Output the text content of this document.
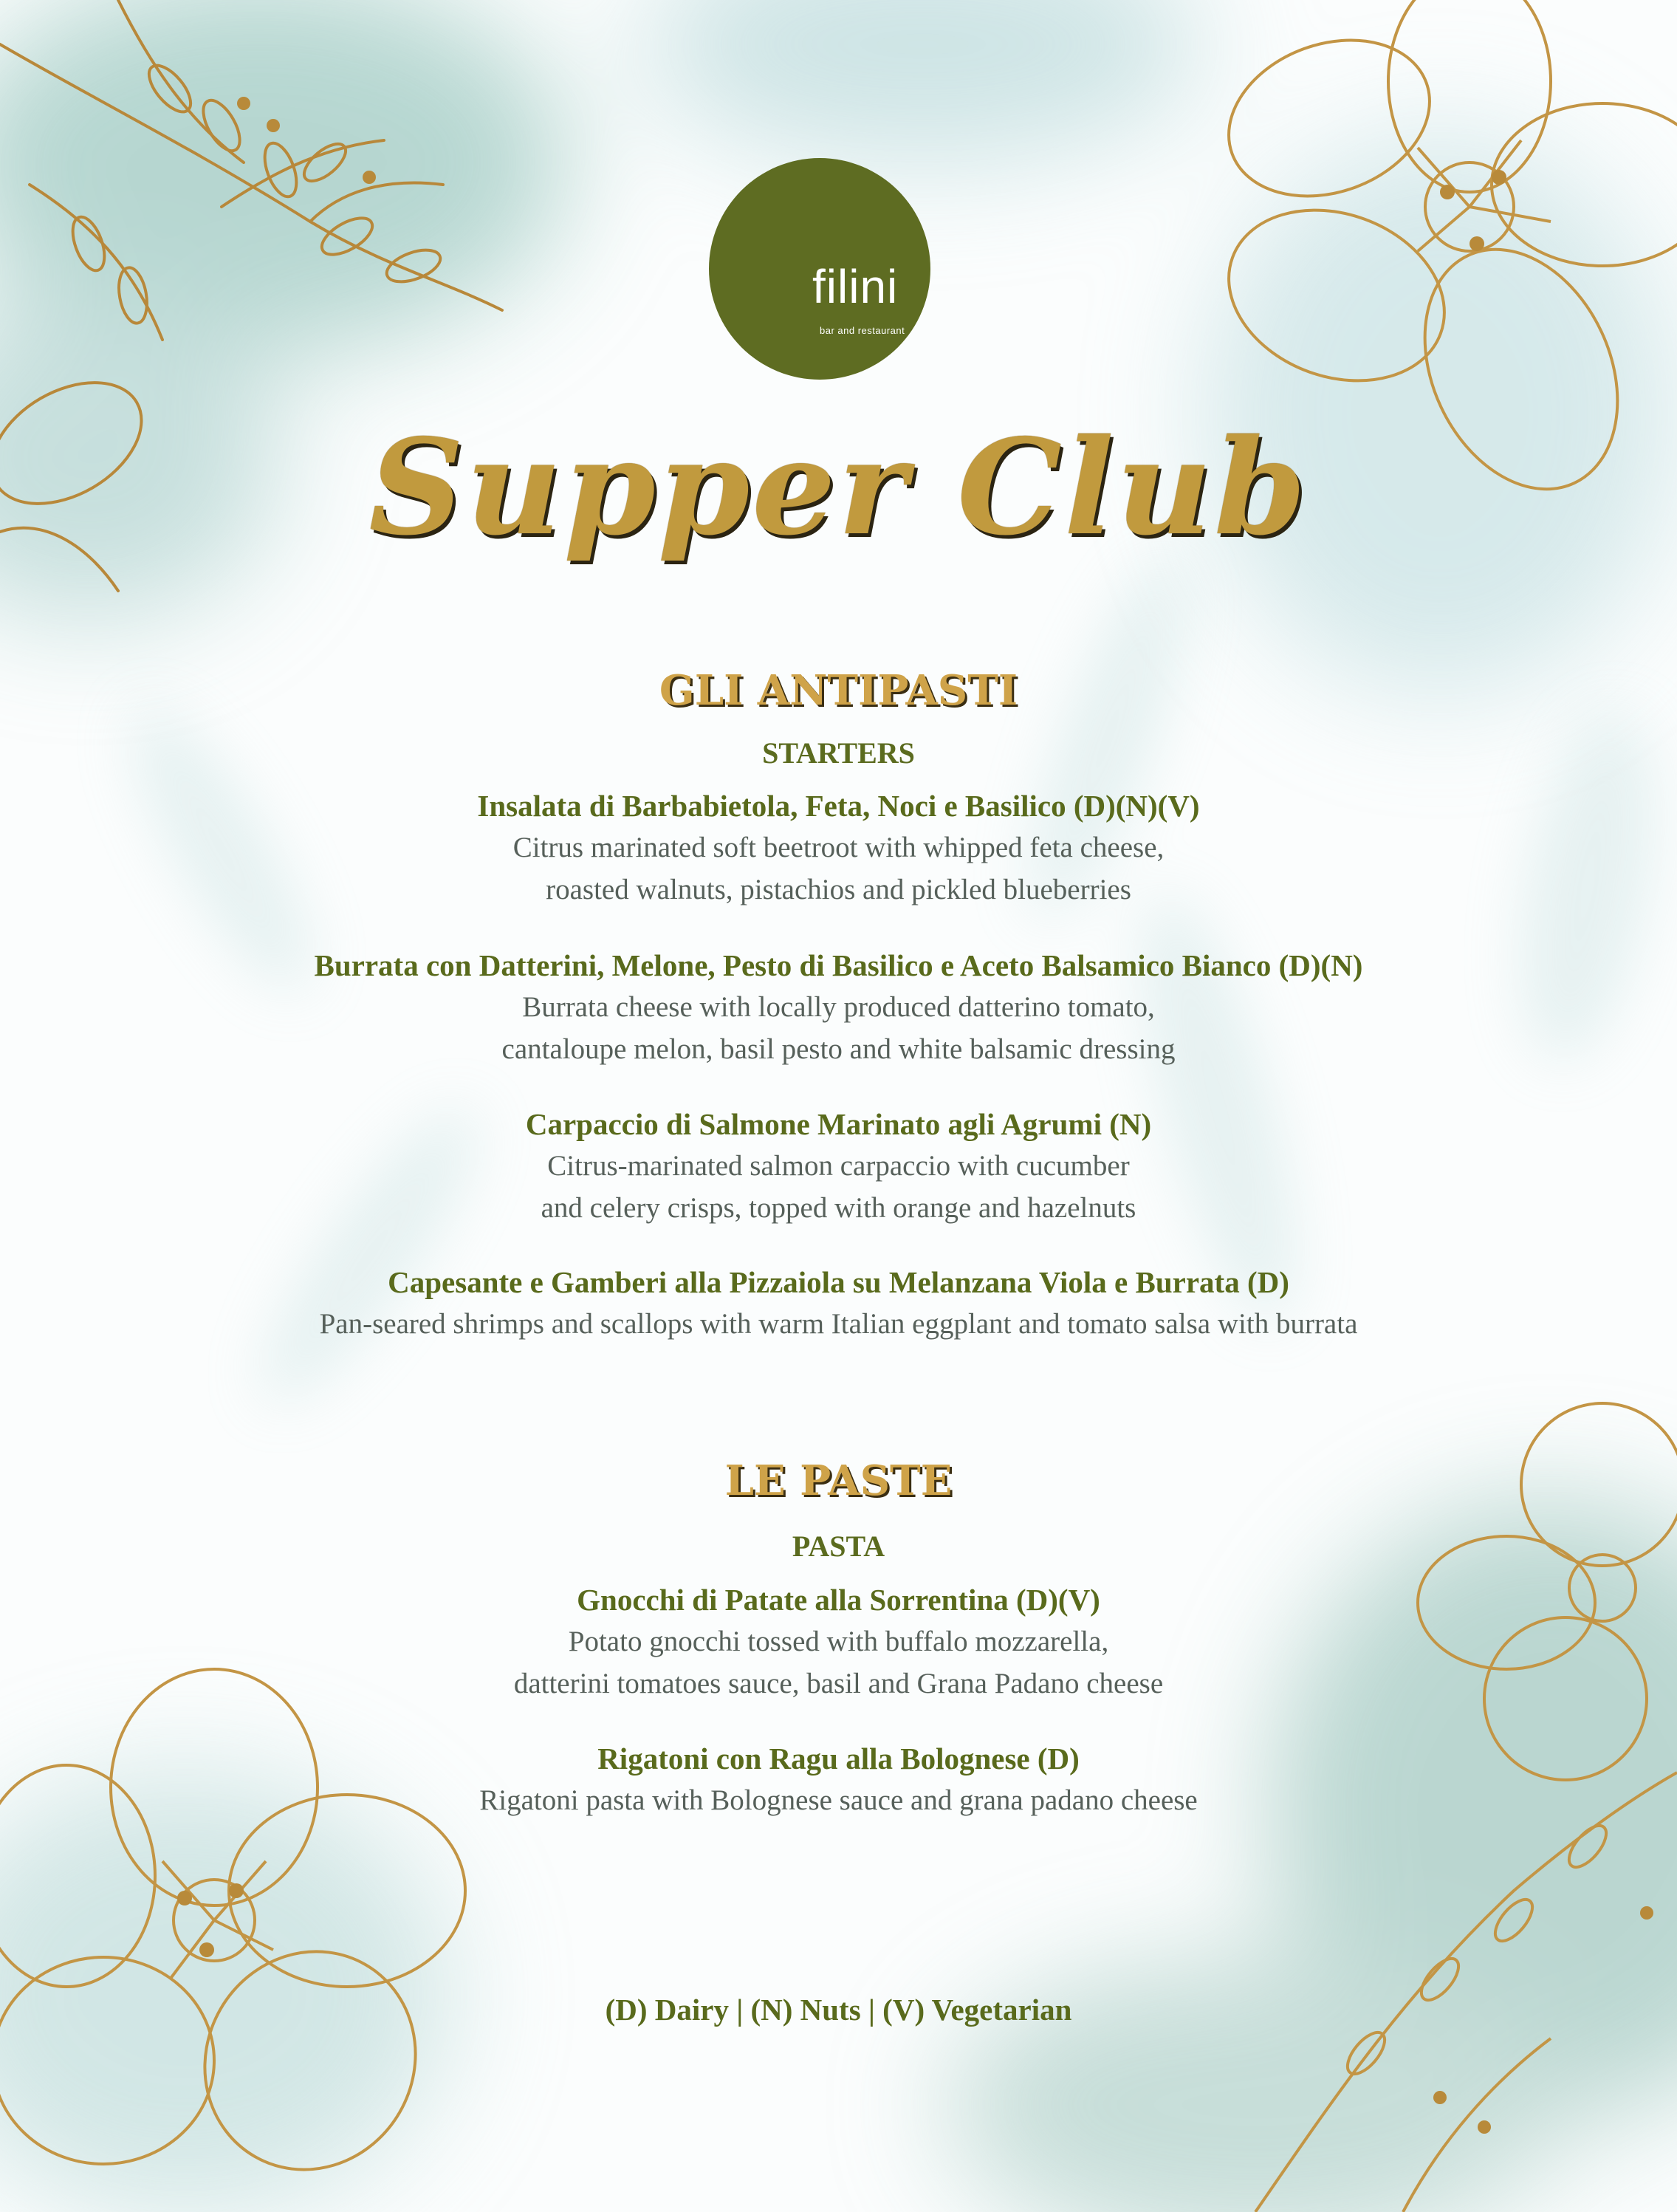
filini
bar and restaurant
Supper Club
GLI ANTIPASTI
STARTERS
Insalata di Barbabietola, Feta, Noci e Basilico (D)(N)(V)
Citrus marinated soft beetroot with whipped feta cheese,
roasted walnuts, pistachios and pickled blueberries
Burrata con Datterini, Melone, Pesto di Basilico e Aceto Balsamico Bianco (D)(N)
Burrata cheese with locally produced datterino tomato,
cantaloupe melon, basil pesto and white balsamic dressing
Carpaccio di Salmone Marinato agli Agrumi (N)
Citrus-marinated salmon carpaccio with cucumber
and celery crisps, topped with orange and hazelnuts
Capesante e Gamberi alla Pizzaiola su Melanzana Viola e Burrata (D)
Pan-seared shrimps and scallops with warm Italian eggplant and tomato salsa with burrata
LE PASTE
PASTA
Gnocchi di Patate alla Sorrentina (D)(V)
Potato gnocchi tossed with buffalo mozzarella,
datterini tomatoes sauce, basil and Grana Padano cheese
Rigatoni con Ragu alla Bolognese (D)
Rigatoni pasta with Bolognese sauce and grana padano cheese
(D) Dairy | (N) Nuts | (V) Vegetarian
